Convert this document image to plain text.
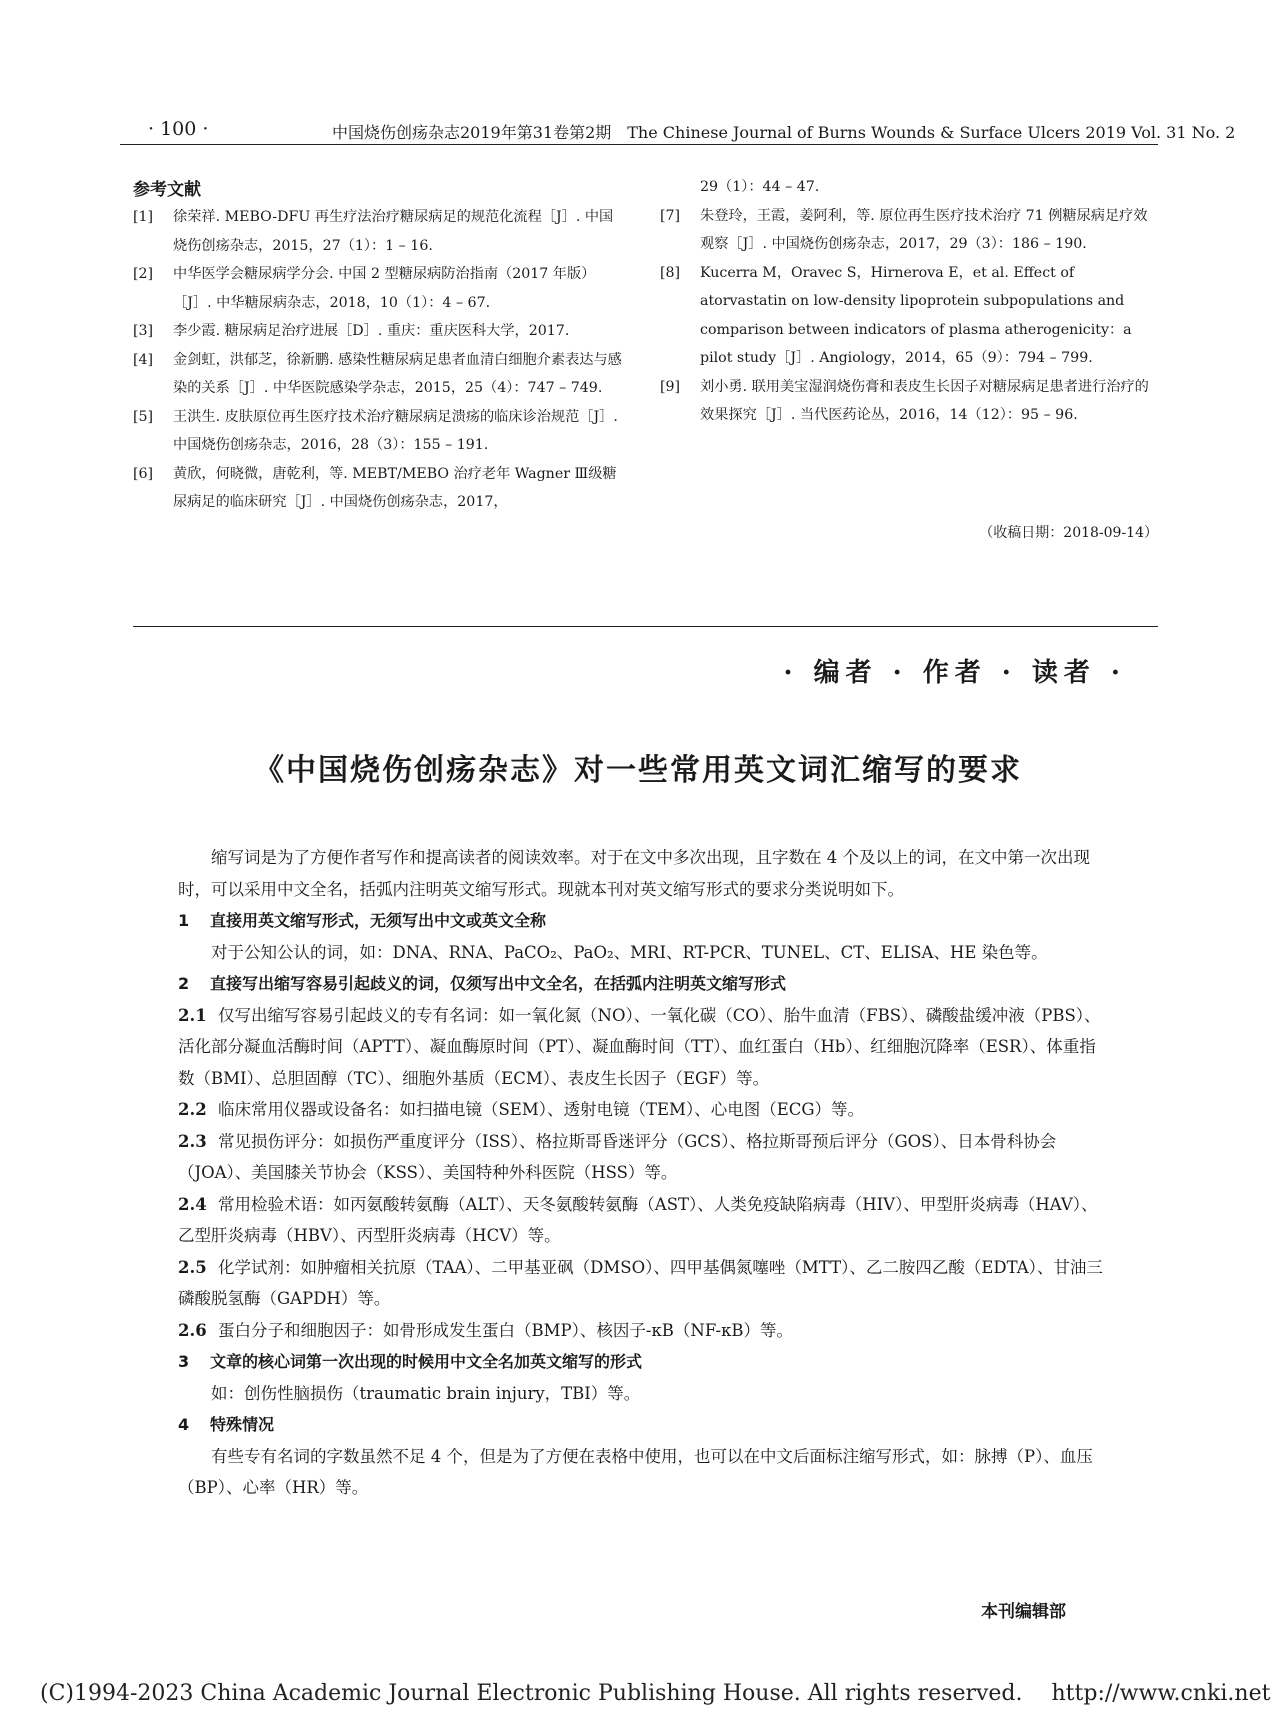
· 100 ·	中国烧伤创疡杂志2019年第31卷第2期　The Chinese Journal of Burns Wounds & Surface Ulcers 2019 Vol. 31 No. 2
参考文献
[1]	徐荣祥. MEBO-DFU 再生疗法治疗糖尿病足的规范化流程［J］. 中国烧伤创疡杂志，2015，27（1）：1 – 16.
[2]	中华医学会糖尿病学分会. 中国 2 型糖尿病防治指南（2017 年版）［J］. 中华糖尿病杂志，2018，10（1）：4 – 67.
[3]	李少霞. 糖尿病足治疗进展［D］. 重庆：重庆医科大学，2017.
[4]	金剑虹，洪郁芝，徐新鹏. 感染性糖尿病足患者血清白细胞介素表达与感染的关系［J］. 中华医院感染学杂志，2015，25（4）：747 – 749.
[5]	王洪生. 皮肤原位再生医疗技术治疗糖尿病足溃疡的临床诊治规范［J］. 中国烧伤创疡杂志，2016，28（3）：155 – 191.
[6]	黄欣，何晓微，唐乾利，等. MEBT/MEBO 治疗老年 Wagner Ⅲ级糖尿病足的临床研究［J］. 中国烧伤创疡杂志，2017，
29（1）：44 – 47.
[7]	朱登玲，王霞，姜阿利，等. 原位再生医疗技术治疗 71 例糖尿病足疗效观察［J］. 中国烧伤创疡杂志，2017，29（3）：186 – 190.
[8]	Kucerra M，Oravec S，Hirnerova E，et al. Effect of atorvastatin on low-density lipoprotein subpopulations and comparison between indicators of plasma atherogenicity：a pilot study［J］. Angiology，2014，65（9）：794 – 799.
[9]	刘小勇. 联用美宝湿润烧伤膏和表皮生长因子对糖尿病足患者进行治疗的效果探究［J］. 当代医药论丛，2016，14（12）：95 – 96.
（收稿日期：2018-09-14）
· 编者 · 作者 · 读者 ·
《中国烧伤创疡杂志》对一些常用英文词汇缩写的要求

缩写词是为了方便作者写作和提高读者的阅读效率。对于在文中多次出现，且字数在 4 个及以上的词，在文中第一次出现时，可以采用中文全名，括弧内注明英文缩写形式。现就本刊对英文缩写形式的要求分类说明如下。

1 直接用英文缩写形式，无须写出中文或英文全称

对于公知公认的词，如：DNA、RNA、PaCO₂、PaO₂、MRI、RT-PCR、TUNEL、CT、ELISA、HE 染色等。

2 直接写出缩写容易引起歧义的词，仅须写出中文全名，在括弧内注明英文缩写形式

2.1 仅写出缩写容易引起歧义的专有名词：如一氧化氮（NO）、一氧化碳（CO）、胎牛血清（FBS）、磷酸盐缓冲液（PBS）、活化部分凝血活酶时间（APTT）、凝血酶原时间（PT）、凝血酶时间（TT）、血红蛋白（Hb）、红细胞沉降率（ESR）、体重指数（BMI）、总胆固醇（TC）、细胞外基质（ECM）、表皮生长因子（EGF）等。

2.2 临床常用仪器或设备名：如扫描电镜（SEM）、透射电镜（TEM）、心电图（ECG）等。

2.3 常见损伤评分：如损伤严重度评分（ISS）、格拉斯哥昏迷评分（GCS）、格拉斯哥预后评分（GOS）、日本骨科协会（JOA）、美国膝关节协会（KSS）、美国特种外科医院（HSS）等。

2.4 常用检验术语：如丙氨酸转氨酶（ALT）、天冬氨酸转氨酶（AST）、人类免疫缺陷病毒（HIV）、甲型肝炎病毒（HAV）、乙型肝炎病毒（HBV）、丙型肝炎病毒（HCV）等。

2.5 化学试剂：如肿瘤相关抗原（TAA）、二甲基亚砜（DMSO）、四甲基偶氮噻唑（MTT）、乙二胺四乙酸（EDTA）、甘油三磷酸脱氢酶（GAPDH）等。

2.6 蛋白分子和细胞因子：如骨形成发生蛋白（BMP）、核因子-κB（NF-κB）等。

3 文章的核心词第一次出现的时候用中文全名加英文缩写的形式

如：创伤性脑损伤（traumatic brain injury，TBI）等。

4 特殊情况

有些专有名词的字数虽然不足 4 个，但是为了方便在表格中使用，也可以在中文后面标注缩写形式，如：脉搏（P）、血压（BP）、心率（HR）等。

本刊编辑部
(C)1994-2023 China Academic Journal Electronic Publishing House. All rights reserved.　 http://www.cnki.net
